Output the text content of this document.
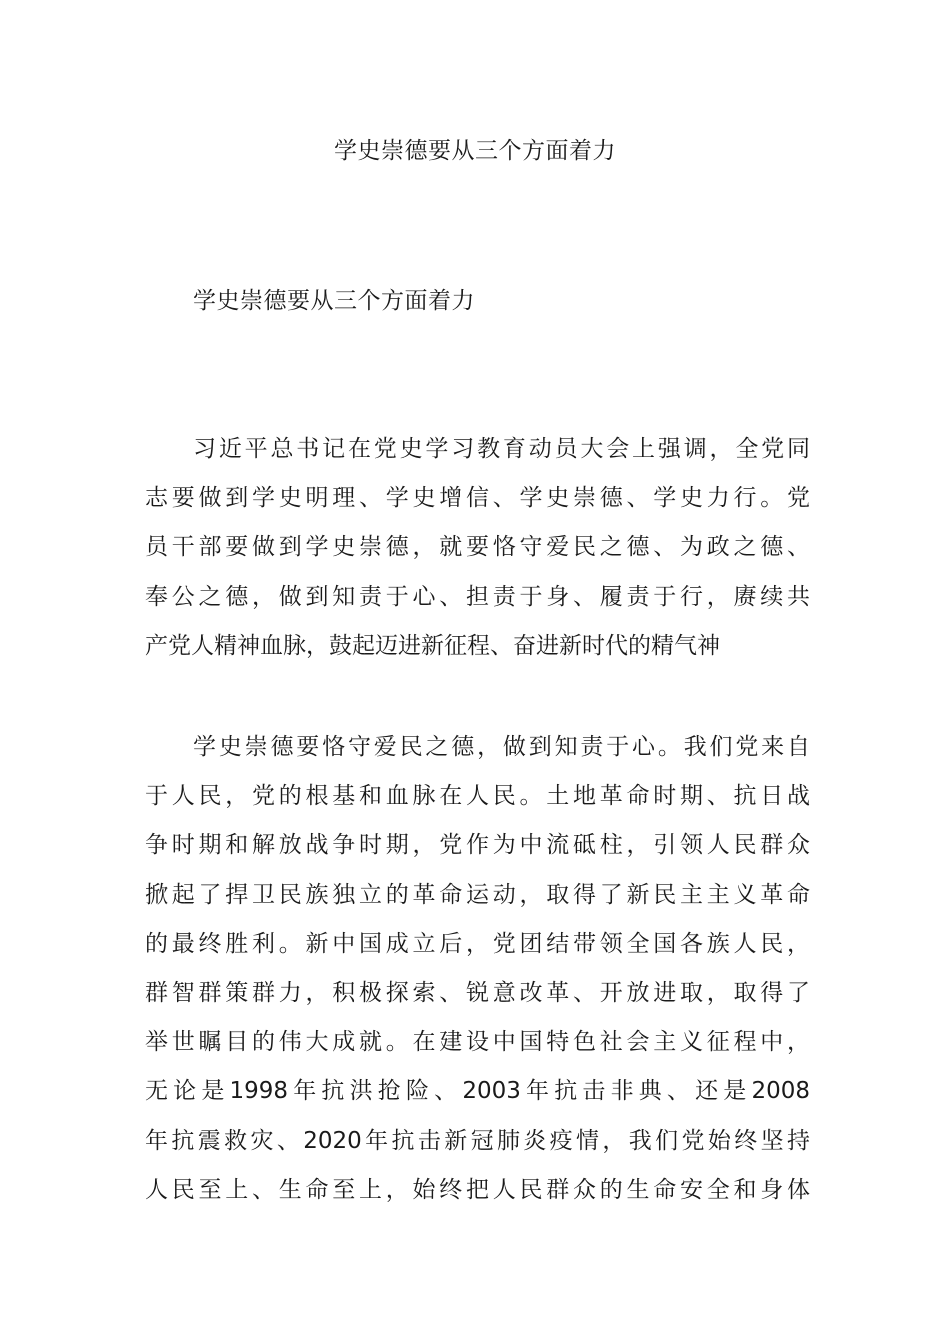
学史崇德要从三个方面着力

学史崇德要从三个方面着力

习近平总书记在党史学习教育动员大会上强调，全党同
志要做到学史明理、学史增信、学史崇德、学史力行。党
员干部要做到学史崇德，就要恪守爱民之德、为政之德、
奉公之德，做到知责于心、担责于身、履责于行，赓续共
产党人精神血脉，鼓起迈进新征程、奋进新时代的精气神
学史崇德要恪守爱民之德，做到知责于心。我们党来自
于人民，党的根基和血脉在人民。土地革命时期、抗日战
争时期和解放战争时期，党作为中流砥柱，引领人民群众
掀起了捍卫民族独立的革命运动，取得了新民主主义革命
的最终胜利。新中国成立后，党团结带领全国各族人民，
群智群策群力，积极探索、锐意改革、开放进取，取得了
举世瞩目的伟大成就。在建设中国特色社会主义征程中，
无论是1998年抗洪抢险、2003年抗击非典、还是2008
年抗震救灾、2020年抗击新冠肺炎疫情，我们党始终坚持
人民至上、生命至上，始终把人民群众的生命安全和身体
